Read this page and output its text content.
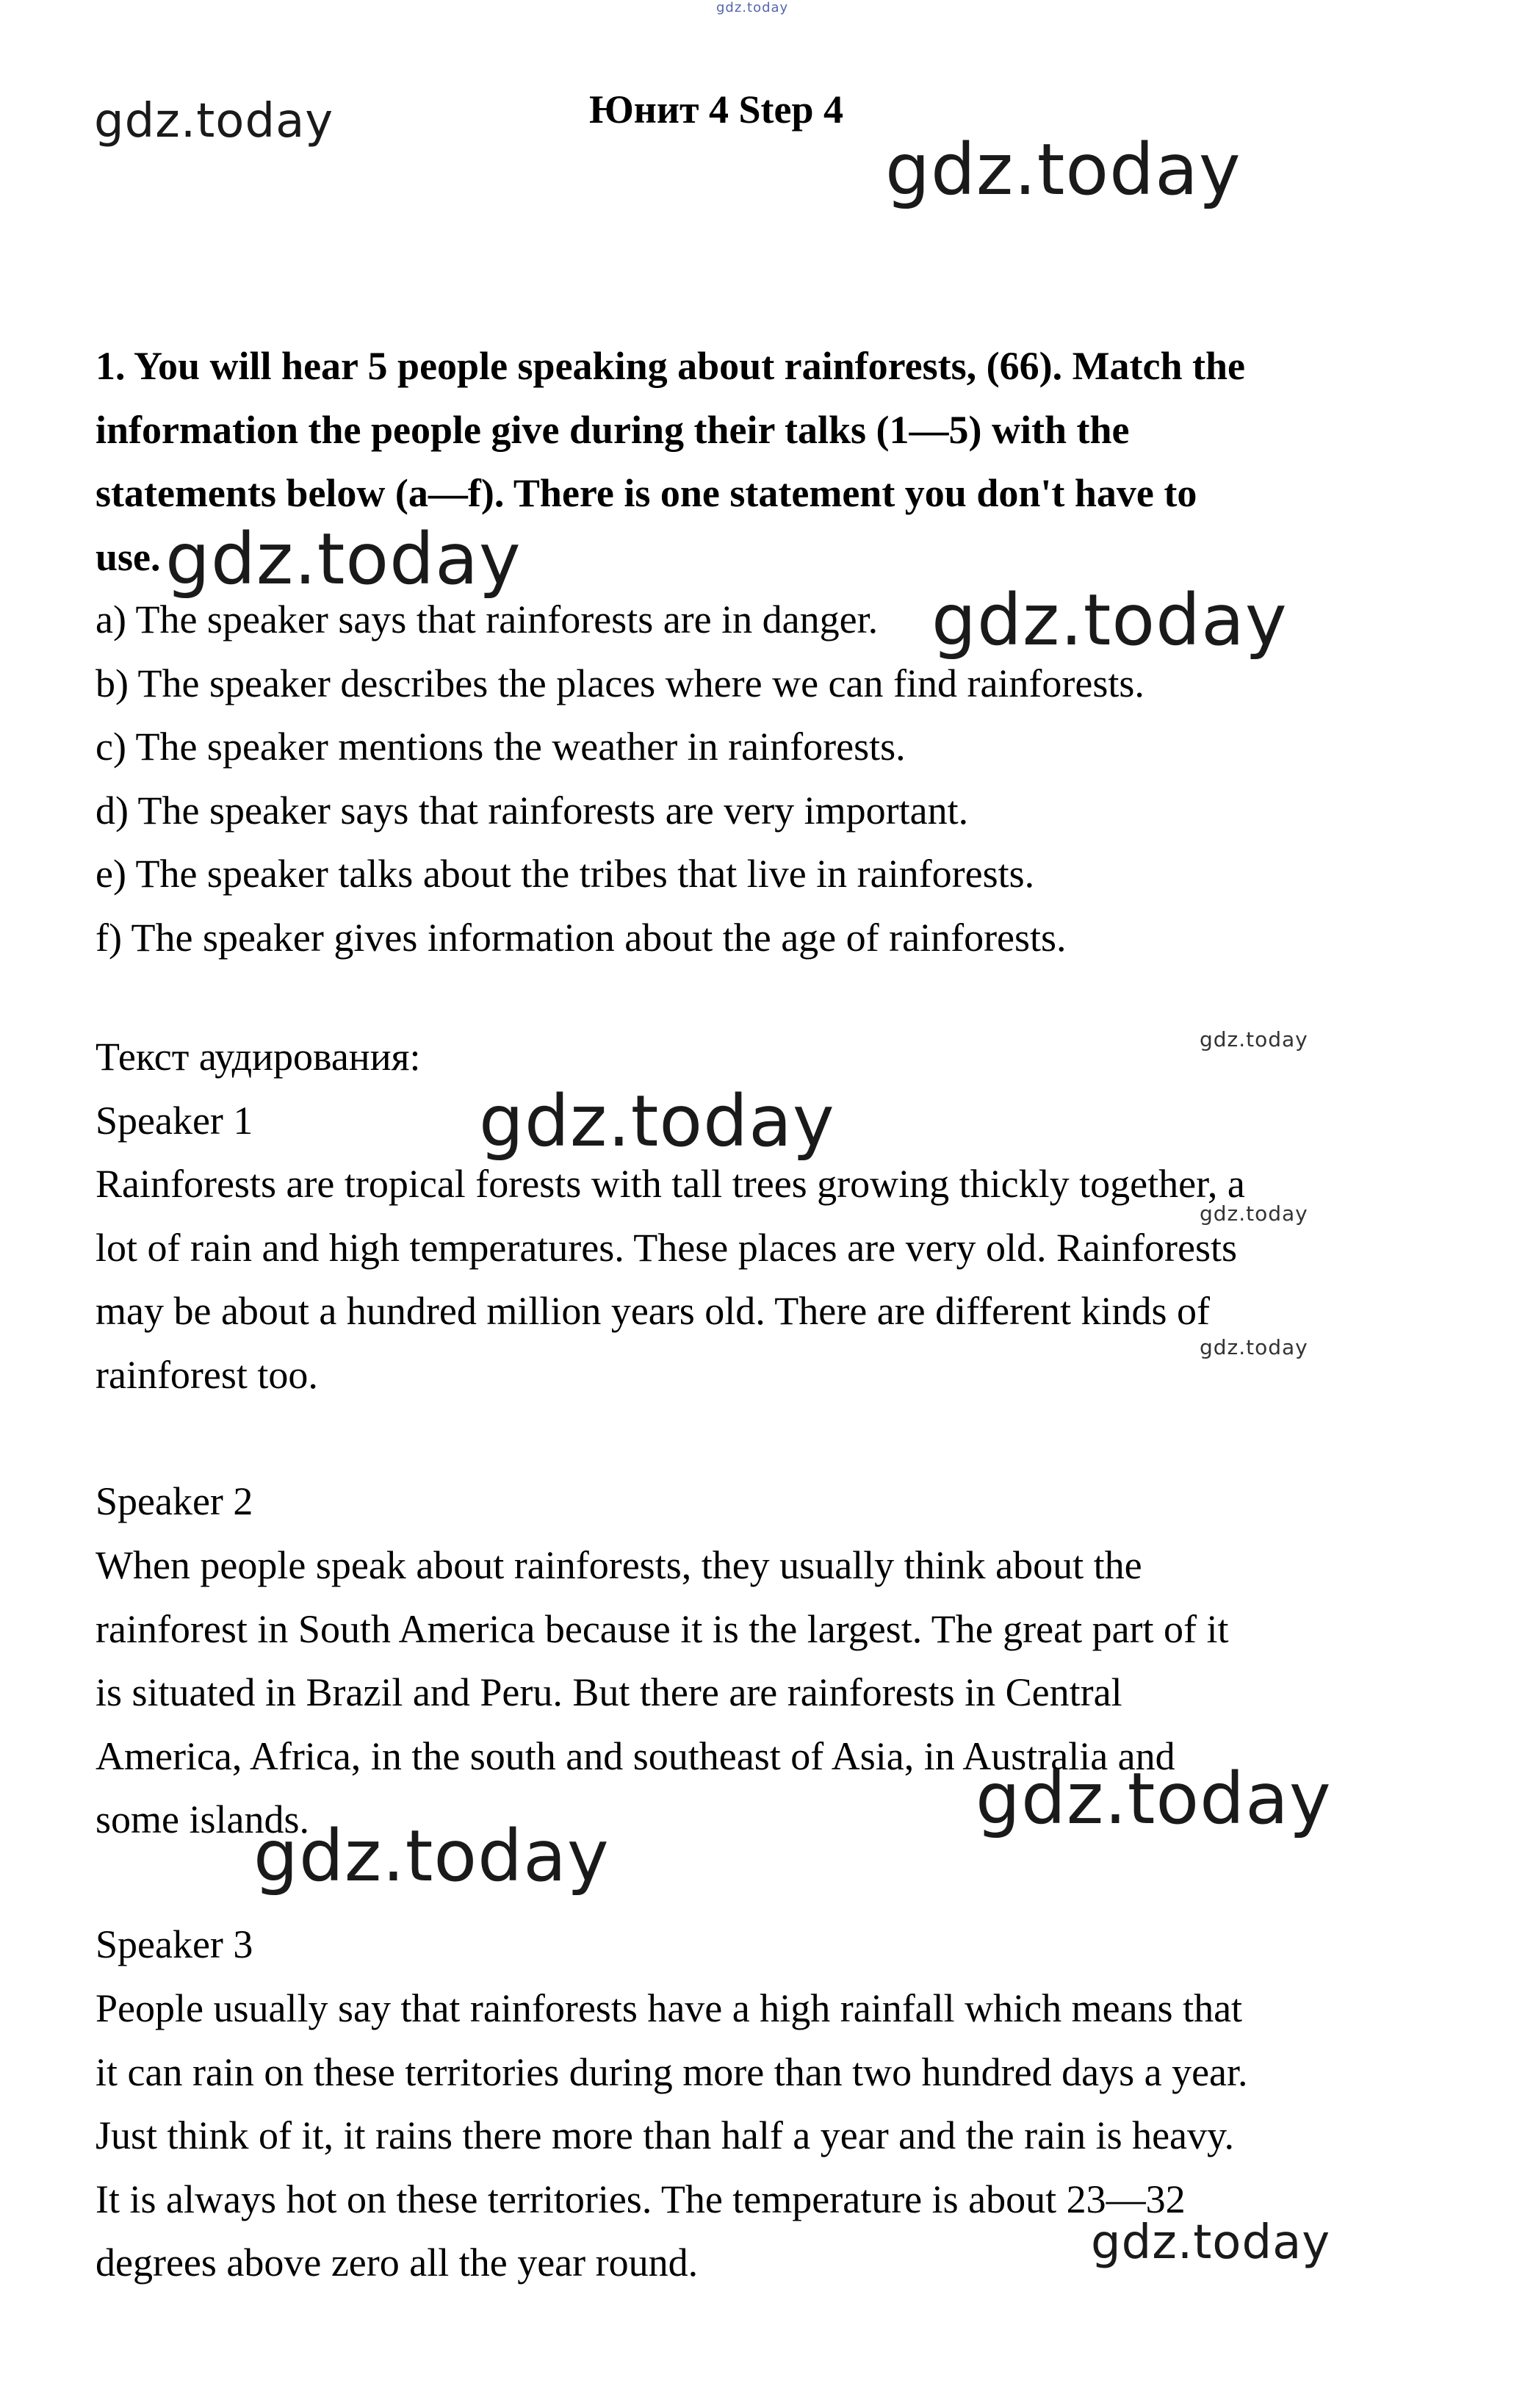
gdz.today
gdz.today
gdz.today
Юнит 4 Step 4
1. You will hear 5 people speaking about rainforests, (66). Match the
information the people give during their talks (1—5) with the
statements below (a—f). There is one statement you don't have to
use. gdz.today
a) The speaker says that rainforests are in danger.
b) The speaker describes the places where we can find rainforests.
c) The speaker mentions the weather in rainforests.
d) The speaker says that rainforests are very important.
e) The speaker talks about the tribes that live in rainforests.
f) The speaker gives information about the age of rainforests.
gdz.today
Текст аудирования:	gdz.today
Speaker 1	gdz.today
Rainforests are tropical forests with tall trees growing thickly together, a
lot of rain and high temperatures. These places are very old. Rainforests
may be about a hundred million years old. There are different kinds of
rainforest too.
gdz.today
gdz.today
Speaker 2
When people speak about rainforests, they usually think about the
rainforest in South America because it is the largest. The great part of it
is situated in Brazil and Peru. But there are rainforests in Central
America, Africa, in the south and southeast of Asia, in Australia and
some islands.	gdz.today
gdz.today
Speaker 3
People usually say that rainforests have a high rainfall which means that
it can rain on these territories during more than two hundred days a year.
Just think of it, it rains there more than half a year and the rain is heavy.
It is always hot on these territories. The temperature is about 23—32
degrees above zero all the year round.	gdz.today
